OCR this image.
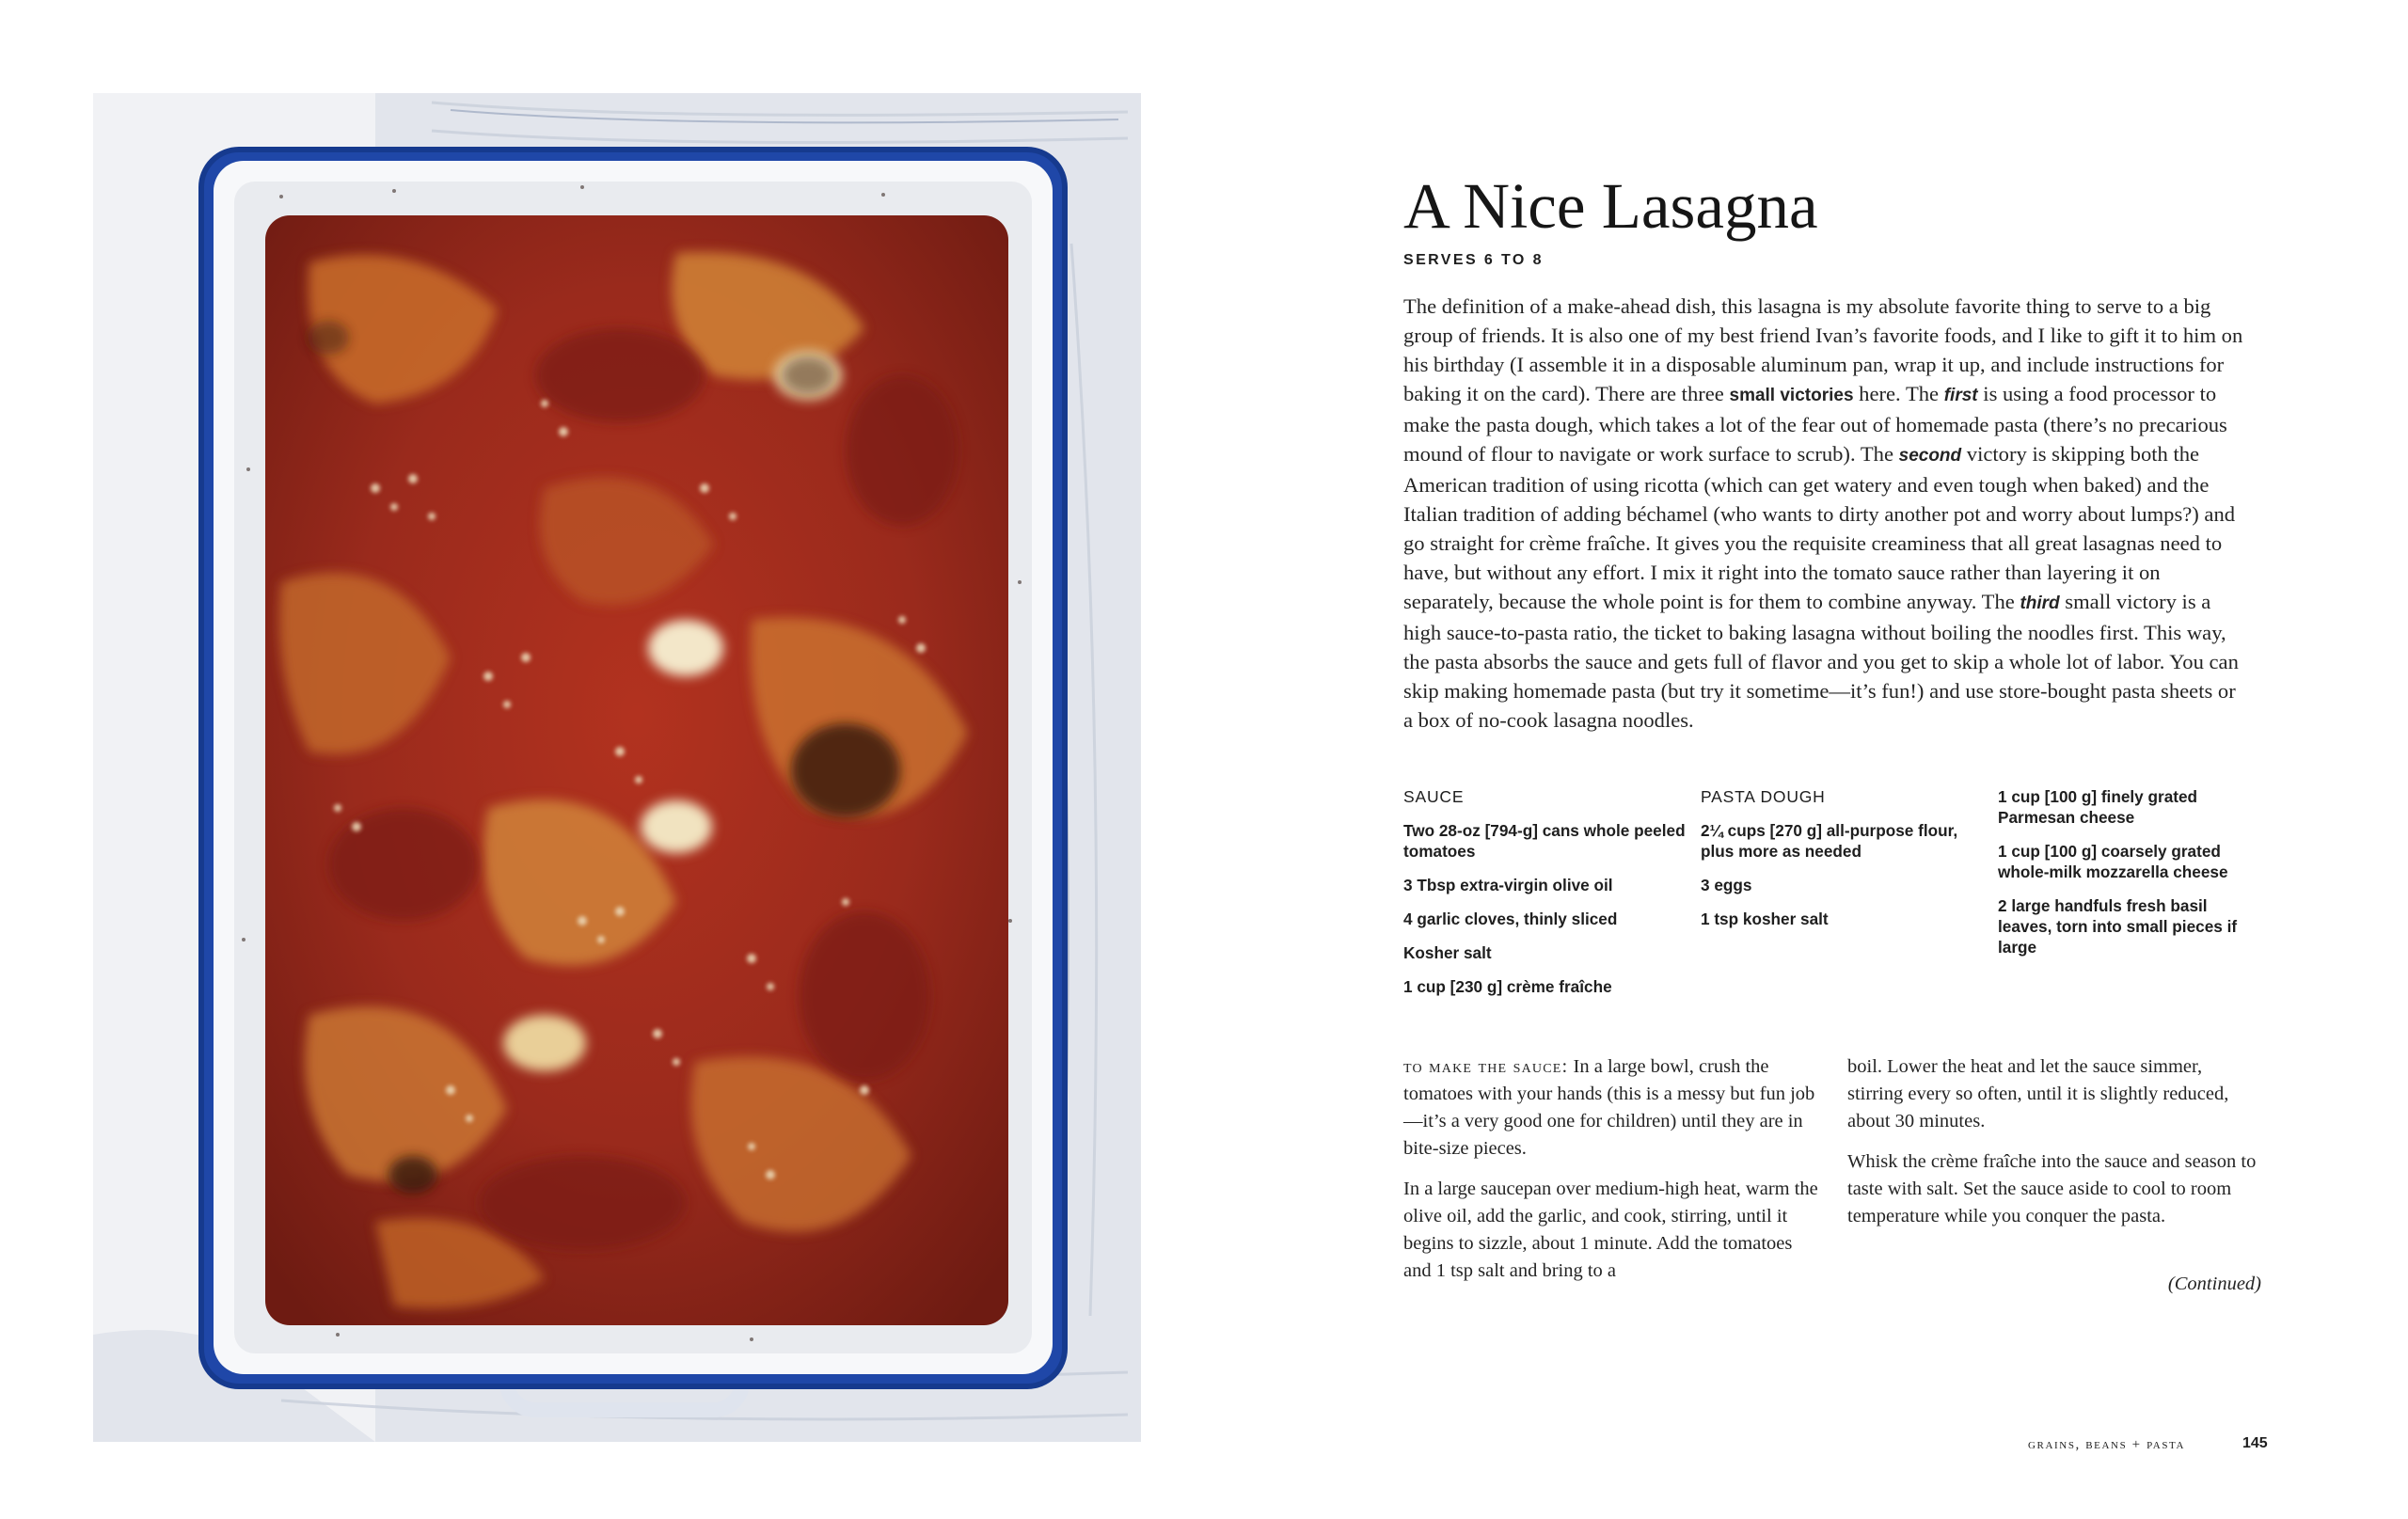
A Nice Lasagna
SERVES 6 TO 8

The definition of a make-ahead dish, this lasagna is my absolute favorite thing to serve to a big group of friends. It is also one of my best friend Ivan’s favorite foods, and I like to gift it to him on his birthday (I assemble it in a disposable aluminum pan, wrap it up, and include instructions for baking it on the card). There are three small victories here. The first is using a food processor to make the pasta dough, which takes a lot of the fear out of homemade pasta (there’s no precarious mound of flour to navigate or work surface to scrub). The second victory is skipping both the American tradition of using ricotta (which can get watery and even tough when baked) and the Italian tradition of adding béchamel (who wants to dirty another pot and worry about lumps?) and go straight for crème fraîche. It gives you the requisite creaminess that all great lasagnas need to have, but without any effort. I mix it right into the tomato sauce rather than layering it on separately, because the whole point is for them to combine anyway. The third small victory is a high sauce-to-pasta ratio, the ticket to baking lasagna without boiling the noodles first. This way, the pasta absorbs the sauce and gets full of flavor and you get to skip a whole lot of labor. You can skip making homemade pasta (but try it sometime—it’s fun!) and use store-bought pasta sheets or a box of no-cook lasagna noodles.

SAUCE
Two 28-oz [794-g] cans whole peeled tomatoes
3 Tbsp extra-virgin olive oil
4 garlic cloves, thinly sliced
Kosher salt
1 cup [230 g] crème fraîche
PASTA DOUGH
2¼ cups [270 g] all-purpose flour, plus more as needed
3 eggs
1 tsp kosher salt
1 cup [100 g] finely grated Parmesan cheese
1 cup [100 g] coarsely grated whole-milk mozzarella cheese
2 large handfuls fresh basil leaves, torn into small pieces if large

to make the sauce: In a large bowl, crush the tomatoes with your hands (this is a messy but fun job—it’s a very good one for children) until they are in bite-size pieces.

In a large saucepan over medium-high heat, warm the olive oil, add the garlic, and cook, stirring, until it begins to sizzle, about 1 minute. Add the tomatoes and 1 tsp salt and bring to a

boil. Lower the heat and let the sauce simmer, stirring every so often, until it is slightly reduced, about 30 minutes.

Whisk the crème fraîche into the sauce and season to taste with salt. Set the sauce aside to cool to room temperature while you conquer the pasta.

(Continued)
grains, beans + pasta	145
